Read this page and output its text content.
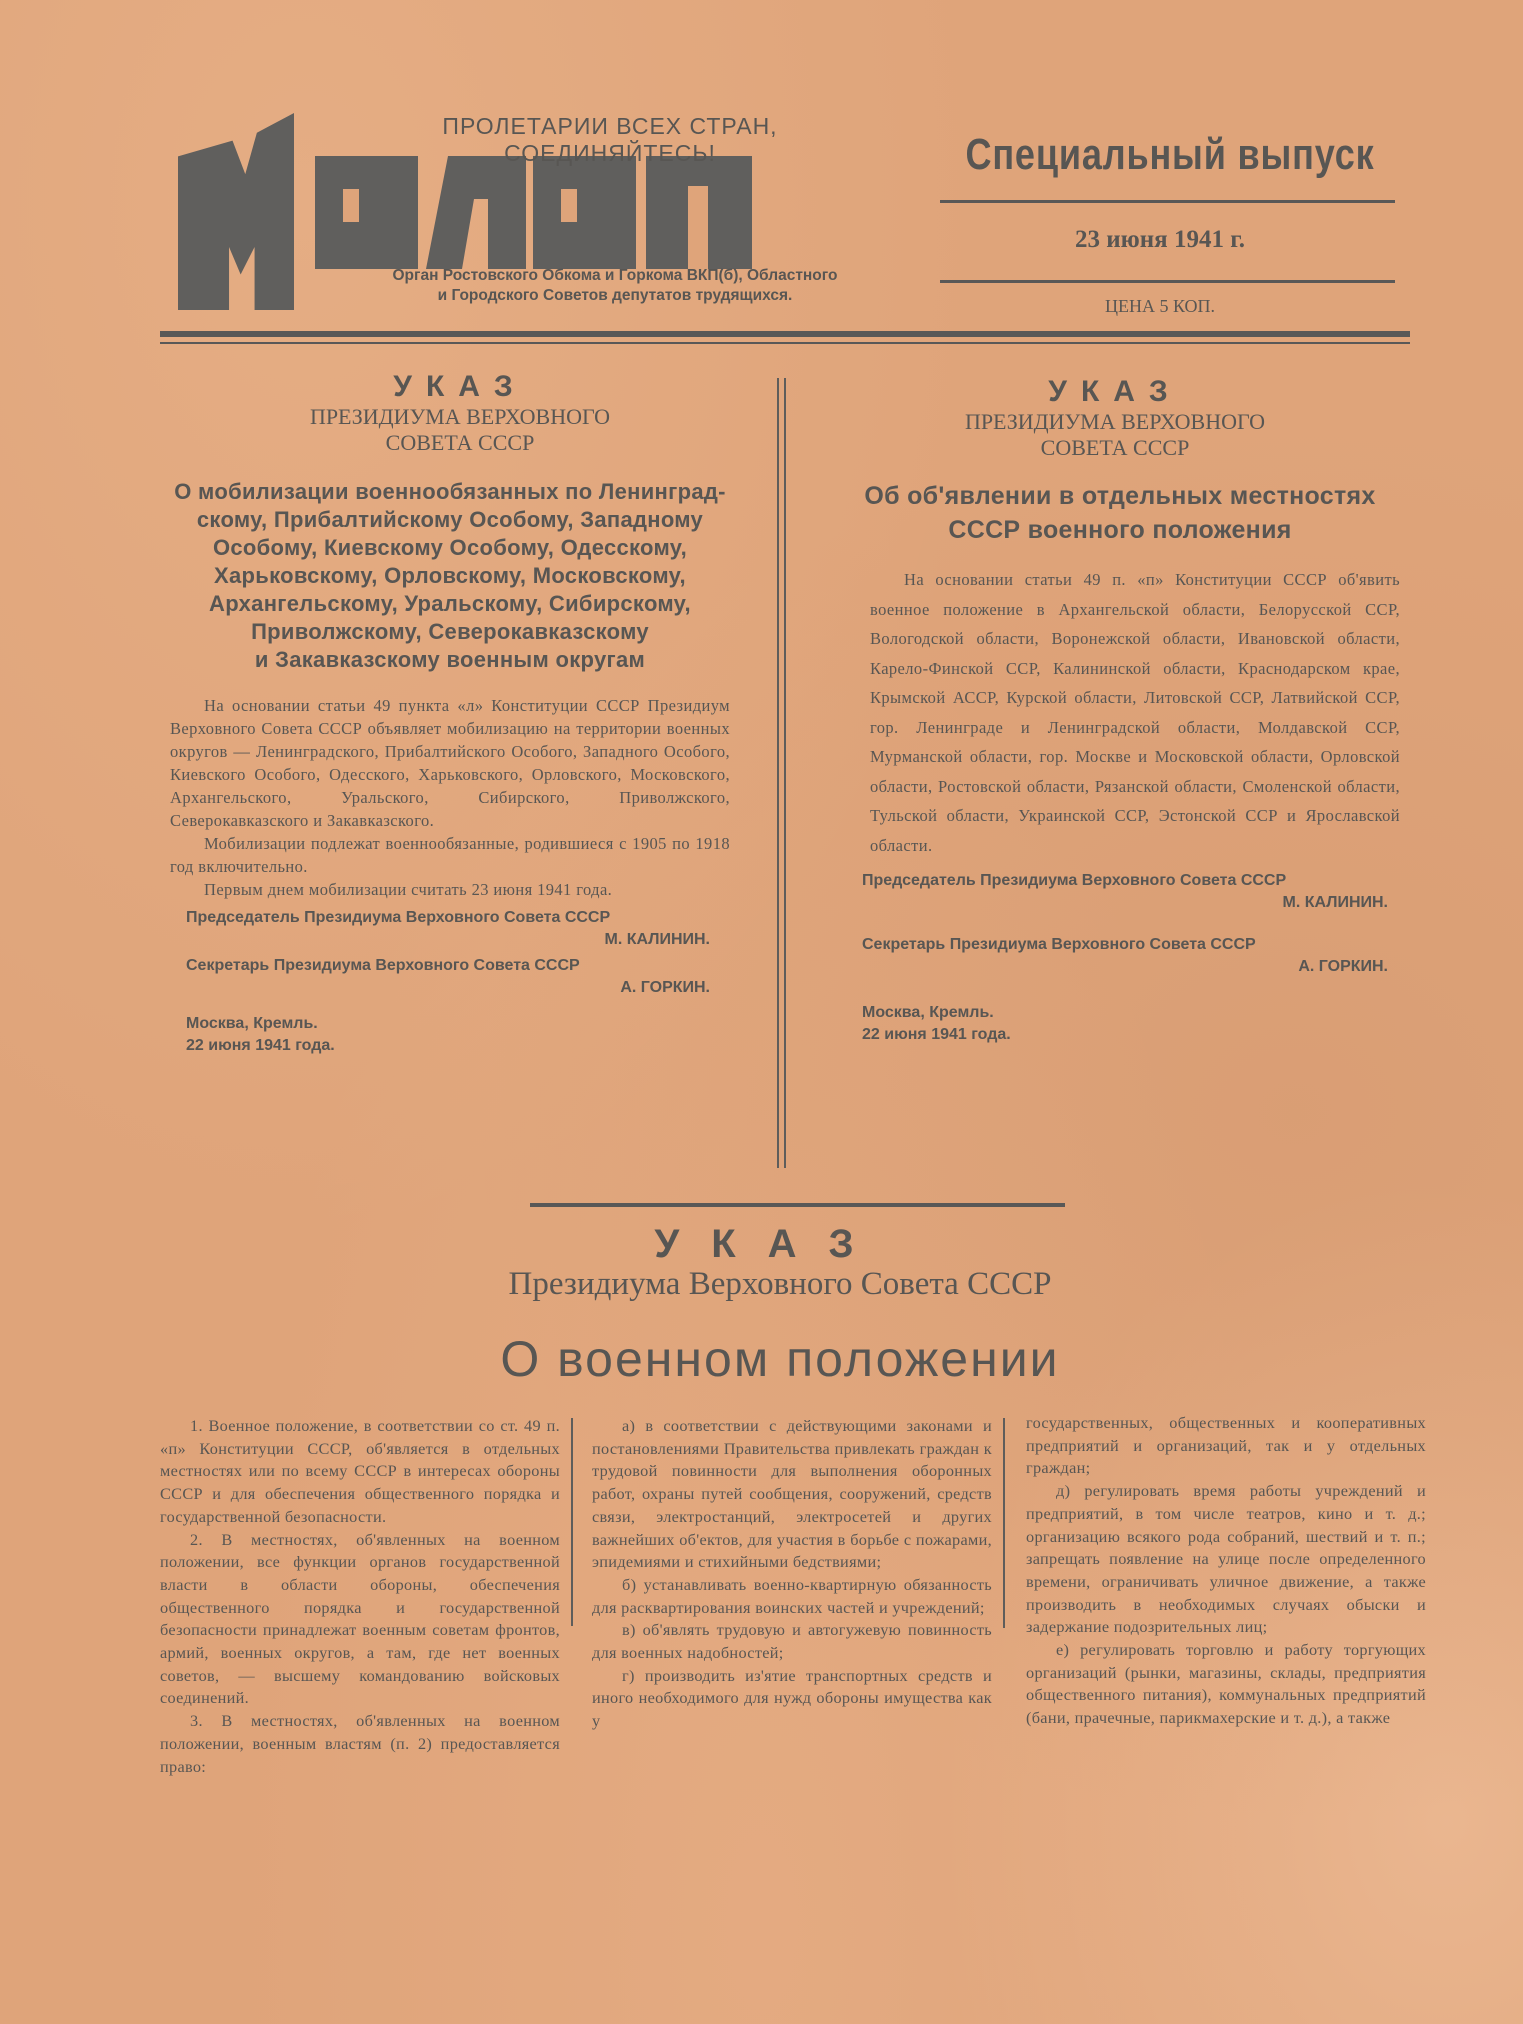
ПРОЛЕТАРИИ ВСЕХ СТРАН, СОЕДИНЯЙТЕСЬ!
Орган Ростовского Обкома и Горкома ВКП(б), Областного
и Городского Советов депутатов трудящихся.
Специальный выпуск
23 июня 1941 г.
ЦЕНА 5 КОП.
УКАЗ
ПРЕЗИДИУМА ВЕРХОВНОГО
СОВЕТА СССР
О мобилизации военнообязанных по Ленинград-
скому, Прибалтийскому Особому, Западному
Особому, Киевскому Особому, Одесскому,
Харьковскому, Орловскому, Московскому,
Архангельскому, Уральскому, Сибирскому,
Приволжскому, Северокавказскому
и Закавказскому военным округам

На основании статьи 49 пункта «л» Конституции СССР Президиум Верховного Совета СССР объявляет мобилизацию на территории военных округов — Ленинградского, Прибалтийского Особого, Западного Особого, Киевского Особого, Одесского, Харьковского, Орловского, Московского, Архангельского, Уральского, Сибирского, Приволжского, Северокавказского и Закавказского.

Мобилизации подлежат военнообязанные, родившиеся с 1905 по 1918 год включительно.

Первым днем мобилизации считать 23 июня 1941 года.

Председатель Президиума Верховного Совета СССР
М. КАЛИНИН.
Секретарь Президиума Верховного Совета СССР
А. ГОРКИН.
Москва, Кремль.
22 июня 1941 года.
УКАЗ
ПРЕЗИДИУМА ВЕРХОВНОГО
СОВЕТА СССР
Об об'явлении в отдельных местностях
СССР военного положения

На основании статьи 49 п. «п» Конституции СССР об'явить военное положение в Архангельской области, Белорусской ССР, Вологодской области, Воронежской области, Ивановской области, Карело-Финской ССР, Калининской области, Краснодарском крае, Крымской АССР, Курской области, Литовской ССР, Латвийской ССР, гор. Ленинграде и Ленинградской области, Молдавской ССР, Мурманской области, гор. Москве и Московской области, Орловской области, Ростовской области, Рязанской области, Смоленской области, Тульской области, Украинской ССР, Эстонской ССР и Ярославской области.

Председатель Президиума Верховного Совета СССР
М. КАЛИНИН.
Секретарь Президиума Верховного Совета СССР
А. ГОРКИН.
Москва, Кремль.
22 июня 1941 года.
УКАЗ
Президиума Верховного Совета СССР
О военном положении

1. Военное положение, в соответствии со ст. 49 п. «п» Конституции СССР, об'является в отдельных местностях или по всему СССР в интересах обороны СССР и для обеспечения общественного порядка и государственной безопасности.

2. В местностях, об'явленных на военном положении, все функции органов государственной власти в области обороны, обеспечения общественного порядка и государственной безопасности принадлежат военным советам фронтов, армий, военных округов, а там, где нет военных советов, — высшему командованию войсковых соединений.

3. В местностях, об'явленных на военном положении, военным властям (п. 2) предоставляется право:

а) в соответствии с действующими законами и постановлениями Правительства привлекать граждан к трудовой повинности для выполнения оборонных работ, охраны путей сообщения, сооружений, средств связи, электростанций, электросетей и других важнейших об'ектов, для участия в борьбе с пожарами, эпидемиями и стихийными бедствиями;

б) устанавливать военно-квартирную обязанность для расквартирования воинских частей и учреждений;

в) об'являть трудовую и автогужевую повинность для военных надобностей;

г) производить из'ятие транспортных средств и иного необходимого для нужд обороны имущества как у

государственных, общественных и кооперативных предприятий и организаций, так и у отдельных граждан;

д) регулировать время работы учреждений и предприятий, в том числе театров, кино и т. д.; организацию всякого рода собраний, шествий и т. п.; запрещать появление на улице после определенного времени, ограничивать уличное движение, а также производить в необходимых случаях обыски и задержание подозрительных лиц;

е) регулировать торговлю и работу торгующих организаций (рынки, магазины, склады, предприятия общественного питания), коммунальных предприятий (бани, прачечные, парикмахерские и т. д.), а также
